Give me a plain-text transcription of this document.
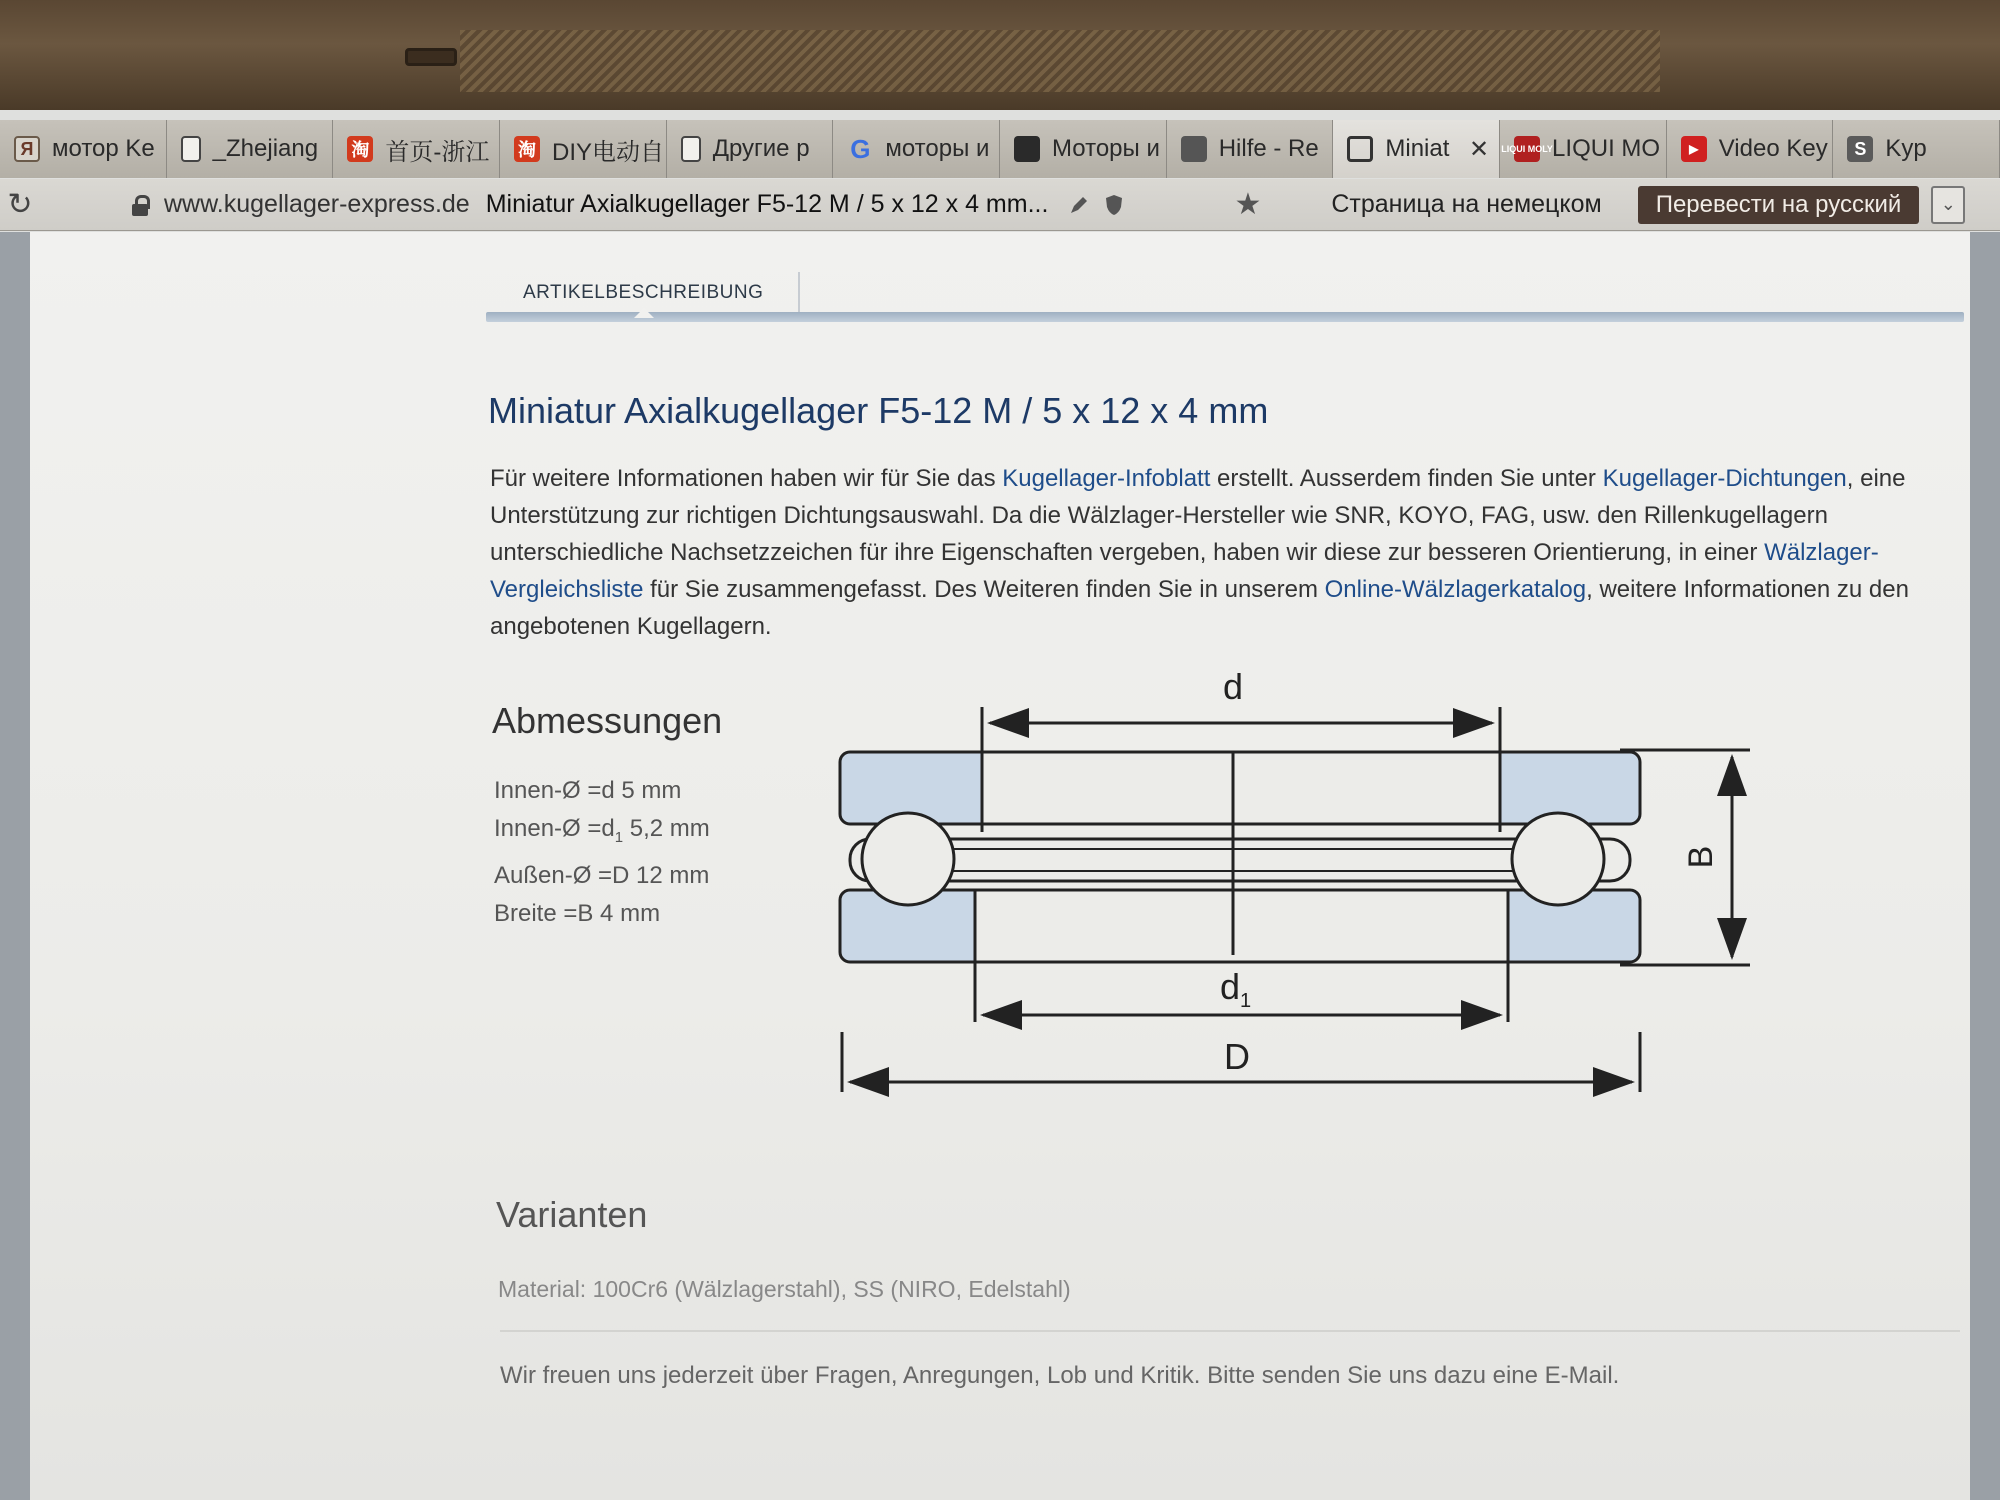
Я мотор Ke _Zhejiang 淘 首页-浙江 淘 DIY电动自 Другие р G моторы и	Моторы и Hilfe - Re	Miniat ✕ LIQUI MOLY LIQUI MO	▶ Video Key	S Kyp
↻	www.kugellager-express.de Miniatur Axialkugellager F5-12 M / 5 x 12 x 4 mm...	★	Страница на немецком	Перевести на русский	⌄
ARTIKELBESCHREIBUNG
Miniatur Axialkugellager F5-12 M / 5 x 12 x 4 mm

Für weitere Informationen haben wir für Sie das Kugellager-Infoblatt erstellt. Ausserdem finden Sie unter Kugellager-Dichtungen, eine Unterstützung zur richtigen Dichtungsauswahl. Da die Wälzlager-Hersteller wie SNR, KOYO, FAG, usw. den Rillenkugellagern unterschiedliche Nachsetzzeichen für ihre Eigenschaften vergeben, haben wir diese zur besseren Orientierung, in einer Wälzlager-Vergleichsliste für Sie zusammengefasst. Des Weiteren finden Sie in unserem Online-Wälzlagerkatalog, weitere Informationen zu den angebotenen Kugellagern.

Abmessungen
Innen-Ø =d 5 mm
Innen-Ø $=d_1$ 5,2 mm
Außen-Ø =D 12 mm
Breite =B 4 mm
d
$d_1$
D
B
Varianten
Material: 100Cr6 (Wälzlagerstahl), SS (NIRO, Edelstahl)
Wir freuen uns jederzeit über Fragen, Anregungen, Lob und Kritik. Bitte senden Sie uns dazu eine E-Mail.
